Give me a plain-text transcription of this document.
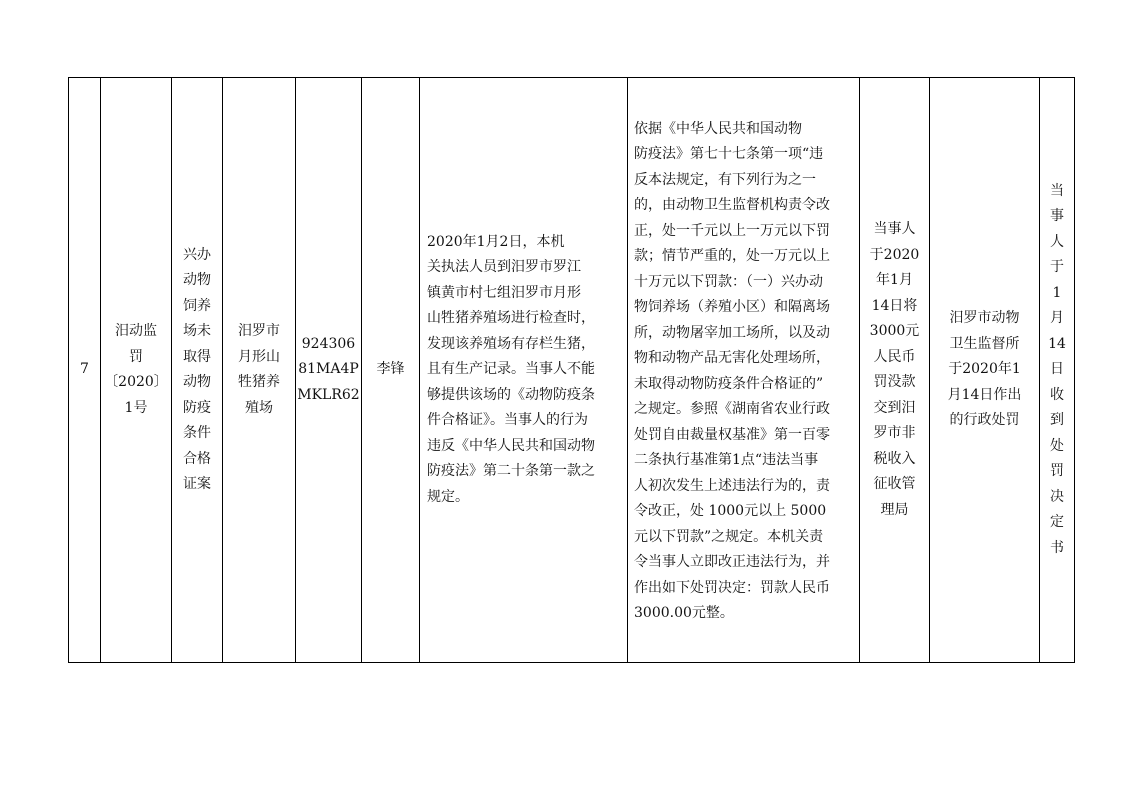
7

汨动监
罚
〔2020〕
1号

兴办
动物
饲养
场未
取得
动物
防疫
条件
合格
证案

汨罗市
月形山
牲猪养
殖场

924306
81MA4P
MKLR62

李锋

2020年1月2日，本机
关执法人员到汨罗市罗江
镇黄市村七组汨罗市月形
山牲猪养殖场进行检查时，
发现该养殖场有存栏生猪，
且有生产记录。当事人不能
够提供该场的《动物防疫条
件合格证》。当事人的行为
违反《中华人民共和国动物
防疫法》第二十条第一款之
规定。

依据《中华人民共和国动物
防疫法》第七十七条第一项“违
反本法规定，有下列行为之一
的，由动物卫生监督机构责令改
正，处一千元以上一万元以下罚
款；情节严重的，处一万元以上
十万元以下罚款：（一）兴办动
物饲养场（养殖小区）和隔离场
所，动物屠宰加工场所，以及动
物和动物产品无害化处理场所，
未取得动物防疫条件合格证的”
之规定。参照《湖南省农业行政
处罚自由裁量权基准》第一百零
二条执行基准第1点“违法当事
人初次发生上述违法行为的，责
令改正，处 1000元以上 5000
元以下罚款”之规定。本机关责
令当事人立即改正违法行为，并
作出如下处罚决定：罚款人民币
3000.00元整。

当事人
于2020
年1月
14日将
3000元
人民币
罚没款
交到汨
罗市非
税收入
征收管
理局

汨罗市动物
卫生监督所
于2020年1
月14日作出
的行政处罚

当
事
人
于
1
月
14
日
收
到
处
罚
决
定
书
